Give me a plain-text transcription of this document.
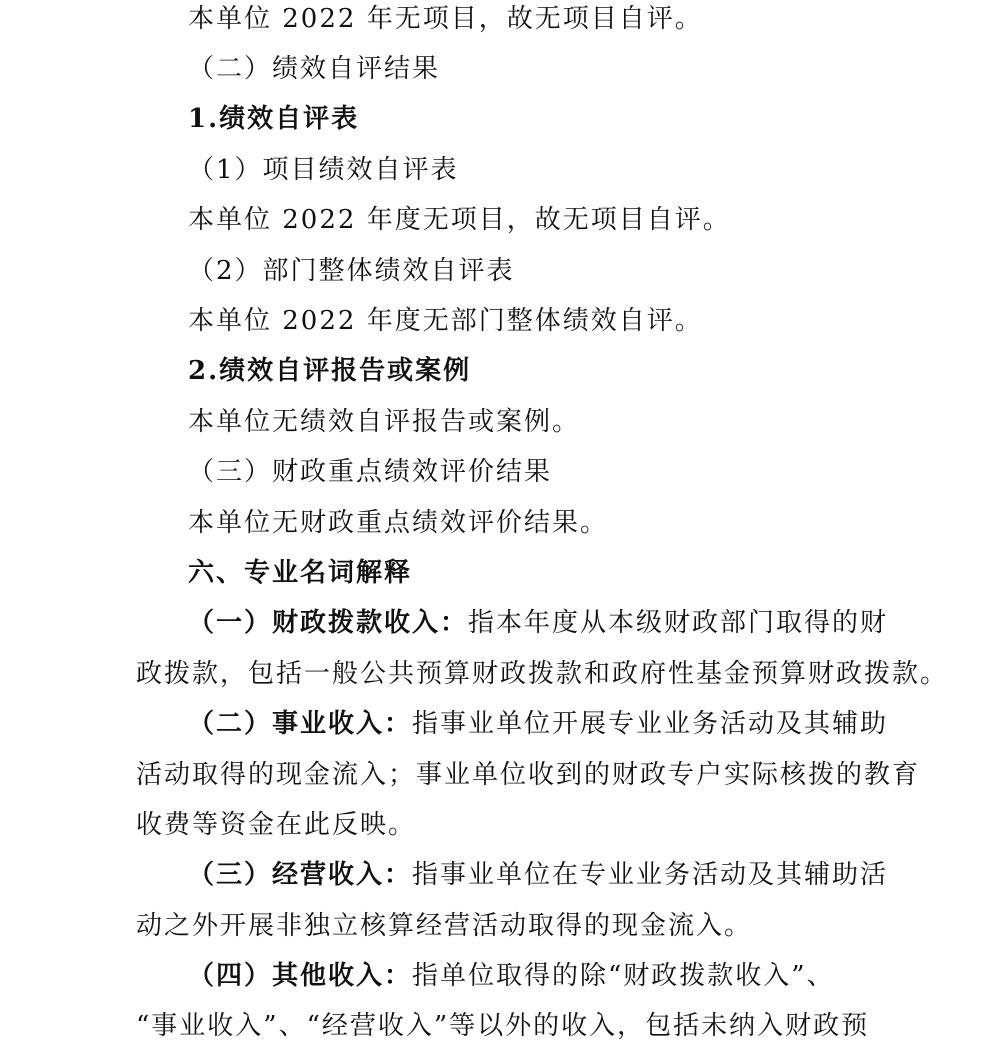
本单位 2022 年无项目，故无项目自评。
（二）绩效自评结果
1.绩效自评表
（1）项目绩效自评表
本单位 2022 年度无项目，故无项目自评。
（2）部门整体绩效自评表
本单位 2022 年度无部门整体绩效自评。
2.绩效自评报告或案例
本单位无绩效自评报告或案例。
（三）财政重点绩效评价结果
本单位无财政重点绩效评价结果。
六、专业名词解释
（一）财政拨款收入：指本年度从本级财政部门取得的财
政拨款，包括一般公共预算财政拨款和政府性基金预算财政拨款。
（二）事业收入：指事业单位开展专业业务活动及其辅助
活动取得的现金流入；事业单位收到的财政专户实际核拨的教育
收费等资金在此反映。
（三）经营收入：指事业单位在专业业务活动及其辅助活
动之外开展非独立核算经营活动取得的现金流入。
（四）其他收入：指单位取得的除“财政拨款收入”、
“事业收入”、“经营收入”等以外的收入，包括未纳入财政预
